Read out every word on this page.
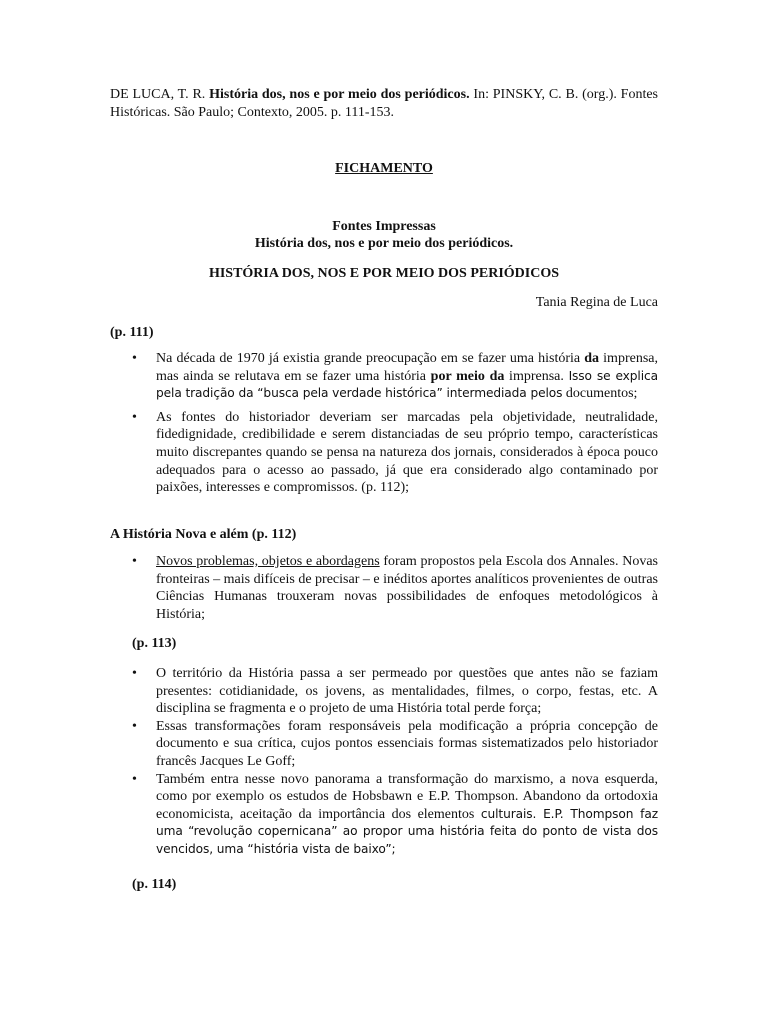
DE LUCA, T. R. História dos, nos e por meio dos periódicos. In: PINSKY, C. B. (org.). Fontes Históricas. São Paulo; Contexto, 2005. p. 111-153.
FICHAMENTO
Fontes Impressas
História dos, nos e por meio dos periódicos.
HISTÓRIA DOS, NOS E POR MEIO DOS PERIÓDICOS
Tania Regina de Luca
(p. 111)
• Na década de 1970 já existia grande preocupação em se fazer uma história da imprensa, mas ainda se relutava em se fazer uma história por meio da imprensa. Isso se explica pela tradição da “busca pela verdade histórica” intermediada pelos documentos;
• As fontes do historiador deveriam ser marcadas pela objetividade, neutralidade, fidedignidade, credibilidade e serem distanciadas de seu próprio tempo, características muito discrepantes quando se pensa na natureza dos jornais, considerados à época pouco adequados para o acesso ao passado, já que era considerado algo contaminado por paixões, interesses e compromissos. (p. 112);
A História Nova e além (p. 112)
• Novos problemas, objetos e abordagens foram propostos pela Escola dos Annales. Novas fronteiras – mais difíceis de precisar – e inéditos aportes analíticos provenientes de outras Ciências Humanas trouxeram novas possibilidades de enfoques metodológicos à História;
(p. 113)
• O território da História passa a ser permeado por questões que antes não se faziam presentes: cotidianidade, os jovens, as mentalidades, filmes, o corpo, festas, etc. A disciplina se fragmenta e o projeto de uma História total perde força;
• Essas transformações foram responsáveis pela modificação a própria concepção de documento e sua crítica, cujos pontos essenciais formas sistematizados pelo historiador francês Jacques Le Goff;
• Também entra nesse novo panorama a transformação do marxismo, a nova esquerda, como por exemplo os estudos de Hobsbawn e E.P. Thompson. Abandono da ortodoxia economicista, aceitação da importância dos elementos culturais. E.P. Thompson faz uma “revolução copernicana” ao propor uma história feita do ponto de vista dos vencidos, uma “história vista de baixo”;
(p. 114)
